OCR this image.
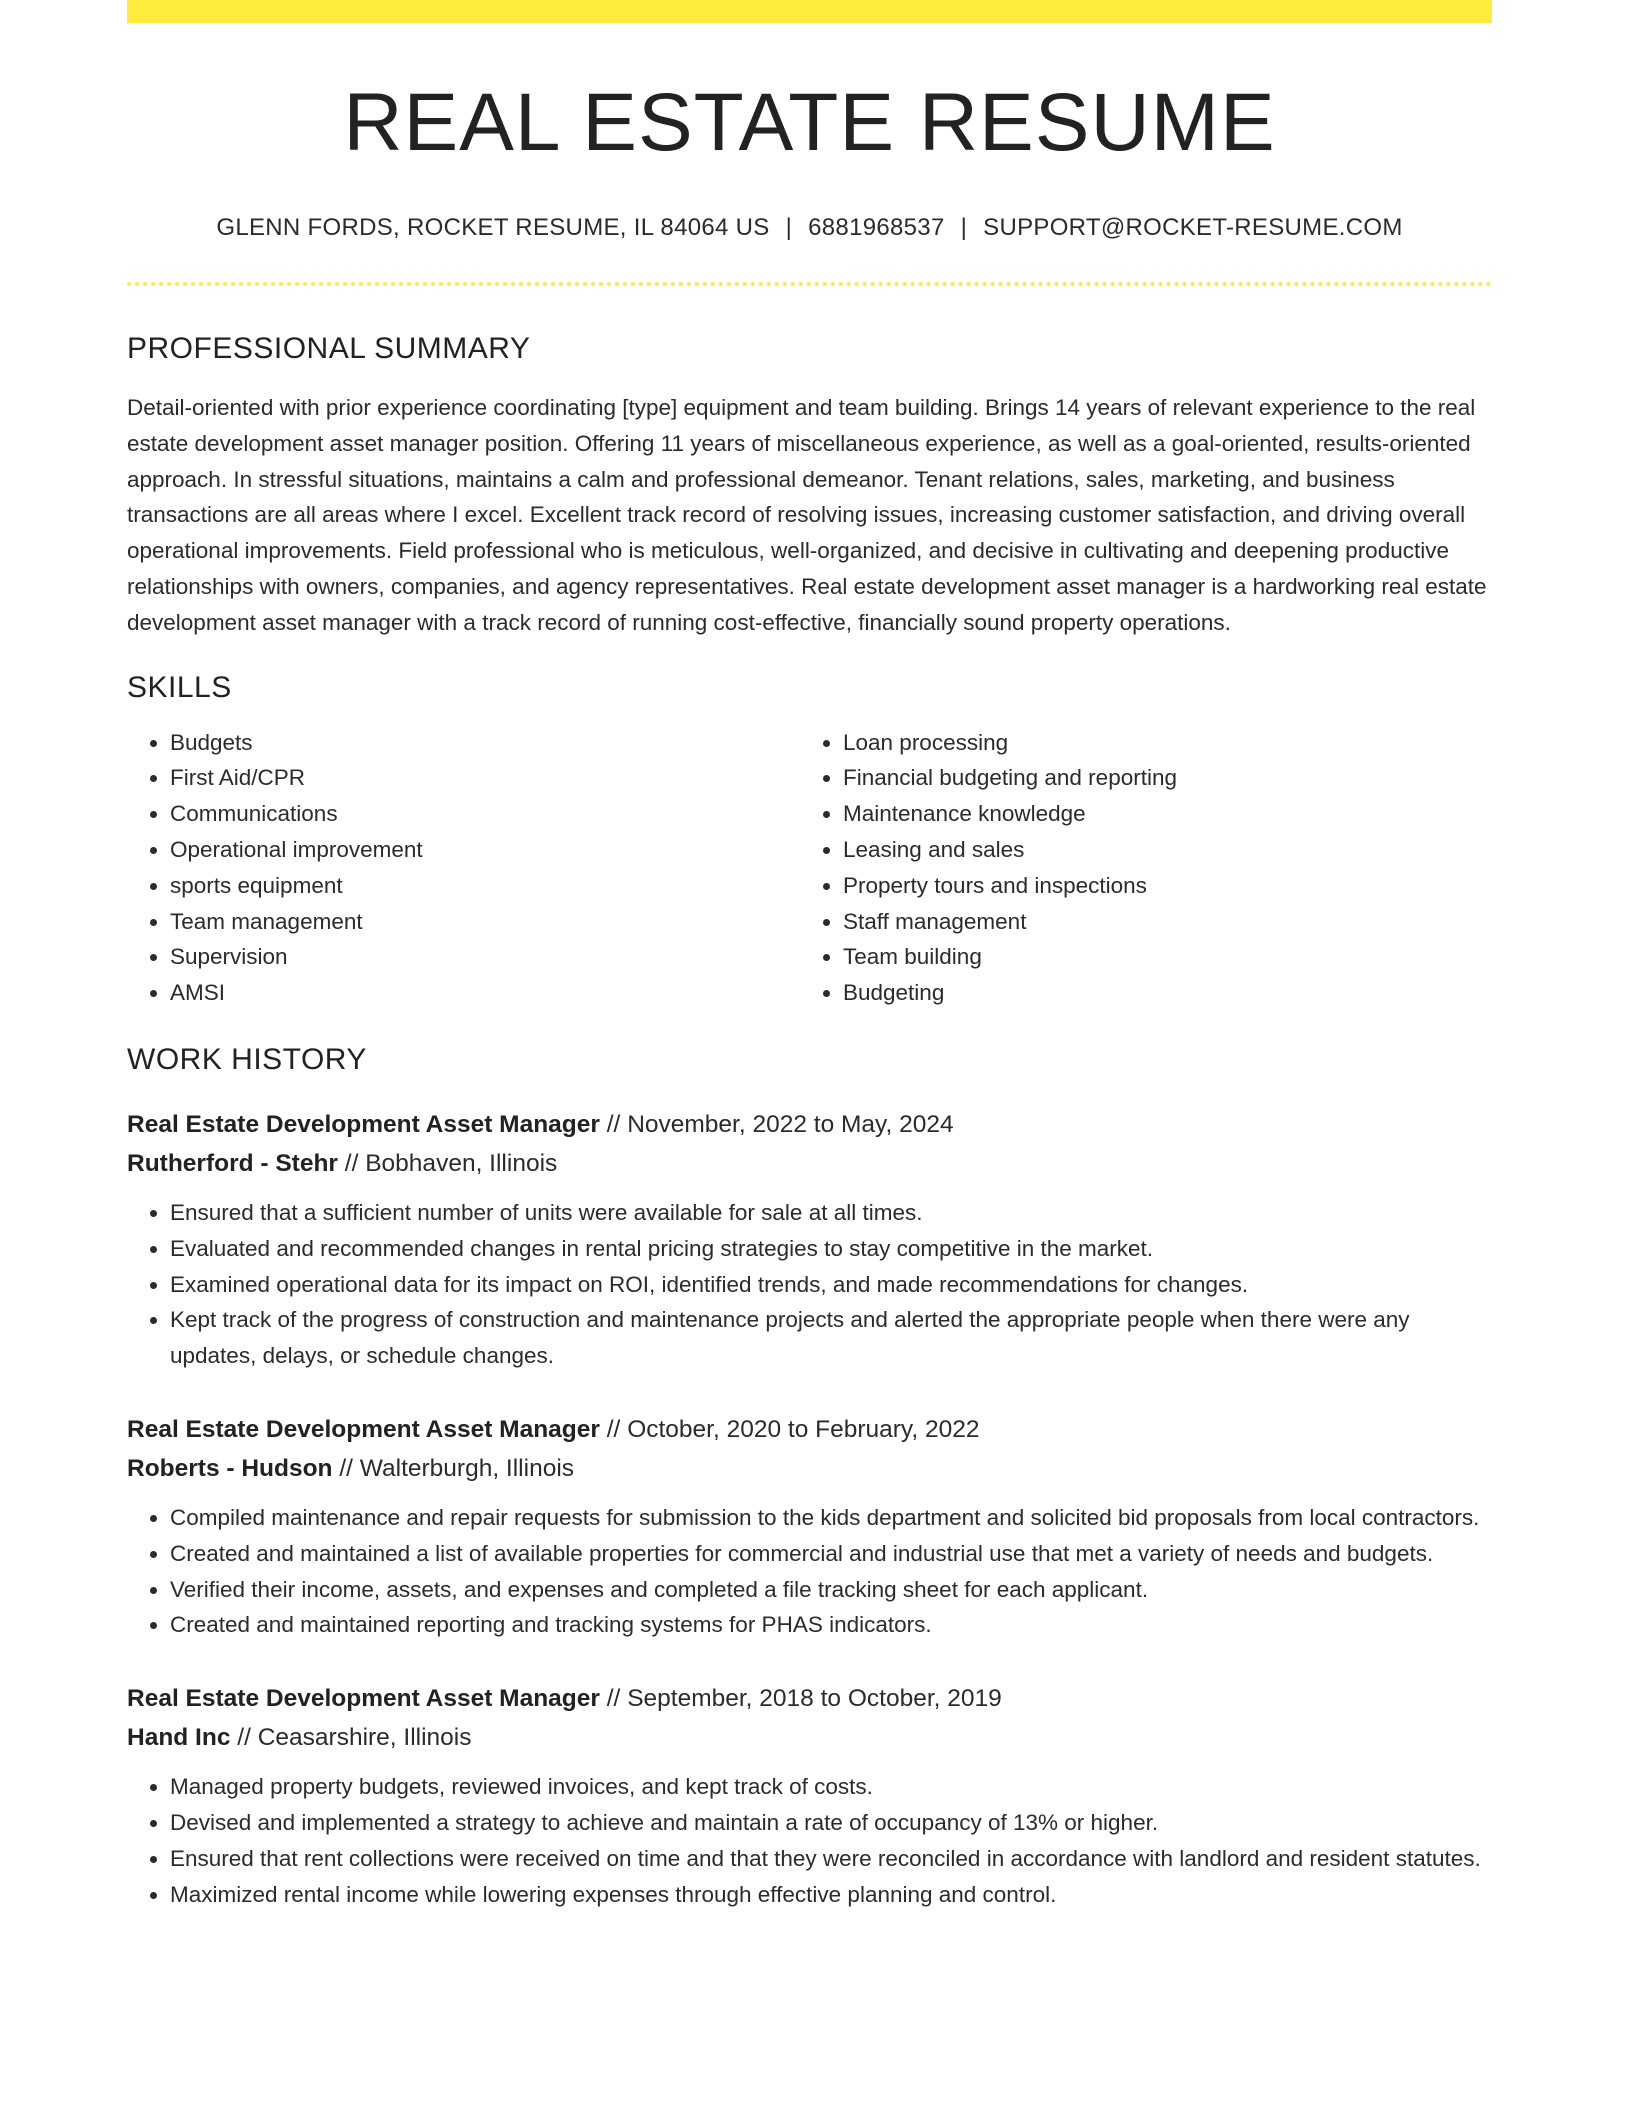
REAL ESTATE RESUME
GLENN FORDS, ROCKET RESUME, IL 84064 US | 6881968537 | SUPPORT@ROCKET-RESUME.COM
PROFESSIONAL SUMMARY

Detail-oriented with prior experience coordinating [type] equipment and team building. Brings 14 years of relevant experience to the real estate development asset manager position. Offering 11 years of miscellaneous experience, as well as a goal-oriented, results-oriented approach. In stressful situations, maintains a calm and professional demeanor. Tenant relations, sales, marketing, and business transactions are all areas where I excel. Excellent track record of resolving issues, increasing customer satisfaction, and driving overall operational improvements. Field professional who is meticulous, well-organized, and decisive in cultivating and deepening productive relationships with owners, companies, and agency representatives. Real estate development asset manager is a hardworking real estate development asset manager with a track record of running cost-effective, financially sound property operations.

SKILLS
• Budgets
• First Aid/CPR
• Communications
• Operational improvement
• sports equipment
• Team management
• Supervision
• AMSI
• Loan processing
• Financial budgeting and reporting
• Maintenance knowledge
• Leasing and sales
• Property tours and inspections
• Staff management
• Team building
• Budgeting
WORK HISTORY
Real Estate Development Asset Manager // November, 2022 to May, 2024
Rutherford - Stehr // Bobhaven, Illinois
• Ensured that a sufficient number of units were available for sale at all times.
• Evaluated and recommended changes in rental pricing strategies to stay competitive in the market.
• Examined operational data for its impact on ROI, identified trends, and made recommendations for changes.
• Kept track of the progress of construction and maintenance projects and alerted the appropriate people when there were any updates, delays, or schedule changes.
Real Estate Development Asset Manager // October, 2020 to February, 2022
Roberts - Hudson // Walterburgh, Illinois
• Compiled maintenance and repair requests for submission to the kids department and solicited bid proposals from local contractors.
• Created and maintained a list of available properties for commercial and industrial use that met a variety of needs and budgets.
• Verified their income, assets, and expenses and completed a file tracking sheet for each applicant.
• Created and maintained reporting and tracking systems for PHAS indicators.
Real Estate Development Asset Manager // September, 2018 to October, 2019
Hand Inc // Ceasarshire, Illinois
• Managed property budgets, reviewed invoices, and kept track of costs.
• Devised and implemented a strategy to achieve and maintain a rate of occupancy of 13% or higher.
• Ensured that rent collections were received on time and that they were reconciled in accordance with landlord and resident statutes.
• Maximized rental income while lowering expenses through effective planning and control.
